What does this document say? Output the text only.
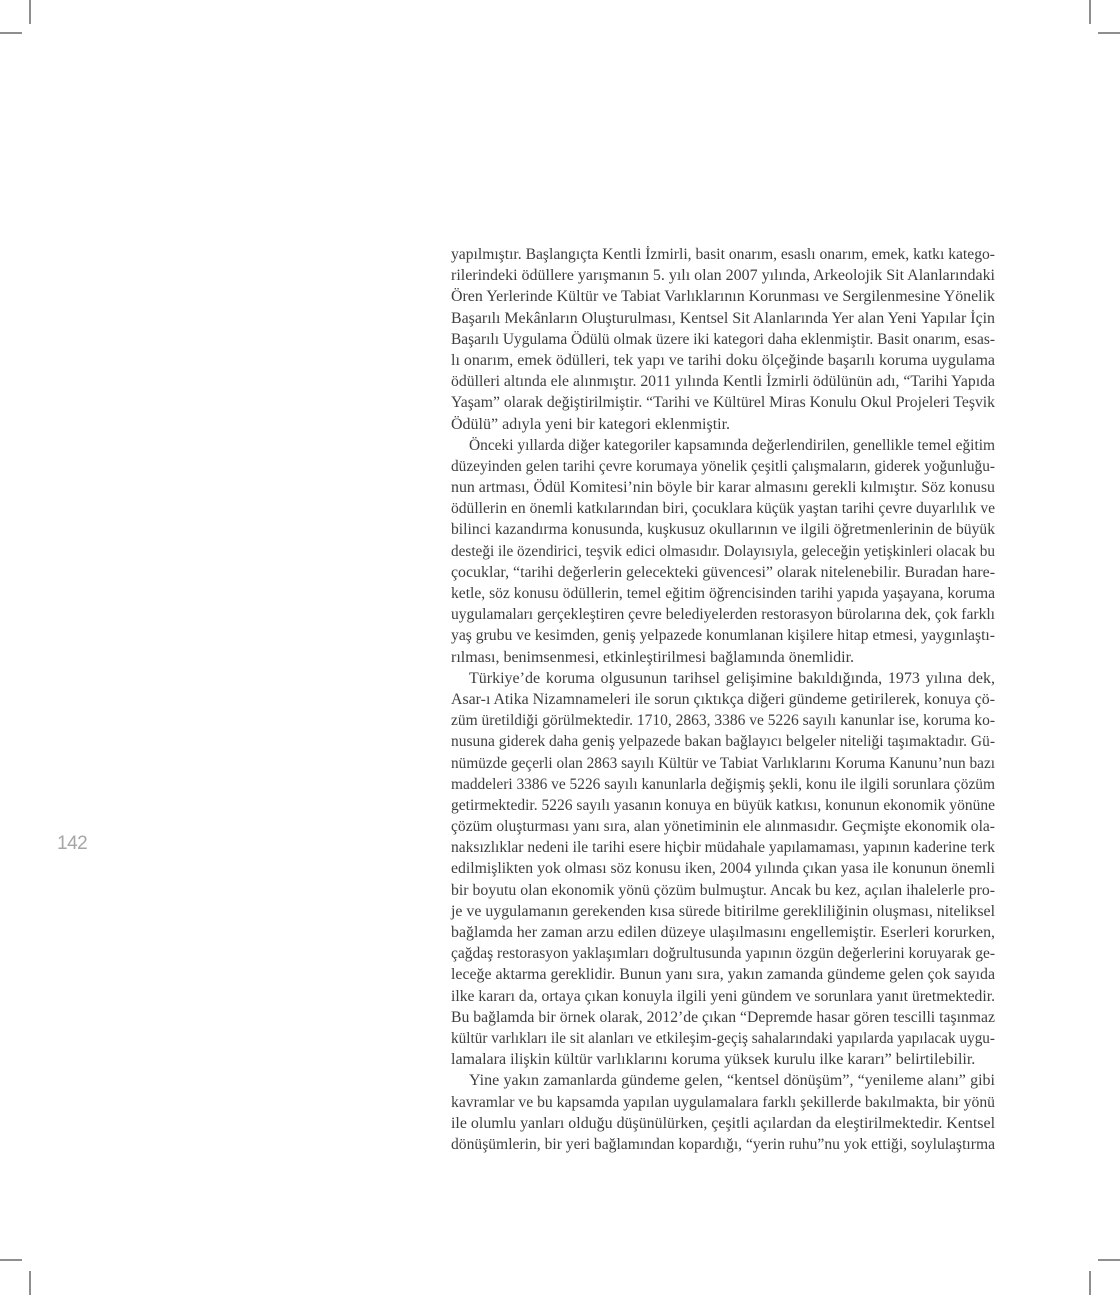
142
yapılmıştır. Başlangıçta Kentli İzmirli, basit onarım, esaslı onarım, emek, katkı katego-
rilerindeki ödüllere yarışmanın 5. yılı olan 2007 yılında, Arkeolojik Sit Alanlarındaki
Ören Yerlerinde Kültür ve Tabiat Varlıklarının Korunması ve Sergilenmesine Yönelik
Başarılı Mekânların Oluşturulması, Kentsel Sit Alanlarında Yer alan Yeni Yapılar İçin
Başarılı Uygulama Ödülü olmak üzere iki kategori daha eklenmiştir. Basit onarım, esas-
lı onarım, emek ödülleri, tek yapı ve tarihi doku ölçeğinde başarılı koruma uygulama
ödülleri altında ele alınmıştır. 2011 yılında Kentli İzmirli ödülünün adı, “Tarihi Yapıda
Yaşam” olarak değiştirilmiştir. “Tarihi ve Kültürel Miras Konulu Okul Projeleri Teşvik
Ödülü” adıyla yeni bir kategori eklenmiştir.
Önceki yıllarda diğer kategoriler kapsamında değerlendirilen, genellikle temel eğitim
düzeyinden gelen tarihi çevre korumaya yönelik çeşitli çalışmaların, giderek yoğunluğu-
nun artması, Ödül Komitesi’nin böyle bir karar almasını gerekli kılmıştır. Söz konusu
ödüllerin en önemli katkılarından biri, çocuklara küçük yaştan tarihi çevre duyarlılık ve
bilinci kazandırma konusunda, kuşkusuz okullarının ve ilgili öğretmenlerinin de büyük
desteği ile özendirici, teşvik edici olmasıdır. Dolayısıyla, geleceğin yetişkinleri olacak bu
çocuklar, “tarihi değerlerin gelecekteki güvencesi” olarak nitelenebilir. Buradan hare-
ketle, söz konusu ödüllerin, temel eğitim öğrencisinden tarihi yapıda yaşayana, koruma
uygulamaları gerçekleştiren çevre belediyelerden restorasyon bürolarına dek, çok farklı
yaş grubu ve kesimden, geniş yelpazede konumlanan kişilere hitap etmesi, yaygınlaştı-
rılması, benimsenmesi, etkinleştirilmesi bağlamında önemlidir.
Türkiye’de koruma olgusunun tarihsel gelişimine bakıldığında, 1973 yılına dek,
Asar-ı Atika Nizamnameleri ile sorun çıktıkça diğeri gündeme getirilerek, konuya çö-
züm üretildiği görülmektedir. 1710, 2863, 3386 ve 5226 sayılı kanunlar ise, koruma ko-
nusuna giderek daha geniş yelpazede bakan bağlayıcı belgeler niteliği taşımaktadır. Gü-
nümüzde geçerli olan 2863 sayılı Kültür ve Tabiat Varlıklarını Koruma Kanunu’nun bazı
maddeleri 3386 ve 5226 sayılı kanunlarla değişmiş şekli, konu ile ilgili sorunlara çözüm
getirmektedir. 5226 sayılı yasanın konuya en büyük katkısı, konunun ekonomik yönüne
çözüm oluşturması yanı sıra, alan yönetiminin ele alınmasıdır. Geçmişte ekonomik ola-
naksızlıklar nedeni ile tarihi esere hiçbir müdahale yapılamaması, yapının kaderine terk
edilmişlikten yok olması söz konusu iken, 2004 yılında çıkan yasa ile konunun önemli
bir boyutu olan ekonomik yönü çözüm bulmuştur. Ancak bu kez, açılan ihalelerle pro-
je ve uygulamanın gerekenden kısa sürede bitirilme gerekliliğinin oluşması, niteliksel
bağlamda her zaman arzu edilen düzeye ulaşılmasını engellemiştir. Eserleri korurken,
çağdaş restorasyon yaklaşımları doğrultusunda yapının özgün değerlerini koruyarak ge-
leceğe aktarma gereklidir. Bunun yanı sıra, yakın zamanda gündeme gelen çok sayıda
ilke kararı da, ortaya çıkan konuyla ilgili yeni gündem ve sorunlara yanıt üretmektedir.
Bu bağlamda bir örnek olarak, 2012’de çıkan “Depremde hasar gören tescilli taşınmaz
kültür varlıkları ile sit alanları ve etkileşim-geçiş sahalarındaki yapılarda yapılacak uygu-
lamalara ilişkin kültür varlıklarını koruma yüksek kurulu ilke kararı” belirtilebilir.
Yine yakın zamanlarda gündeme gelen, “kentsel dönüşüm”, “yenileme alanı” gibi
kavramlar ve bu kapsamda yapılan uygulamalara farklı şekillerde bakılmakta, bir yönü
ile olumlu yanları olduğu düşünülürken, çeşitli açılardan da eleştirilmektedir. Kentsel
dönüşümlerin, bir yeri bağlamından kopardığı, “yerin ruhu”nu yok ettiği, soylulaştırma
